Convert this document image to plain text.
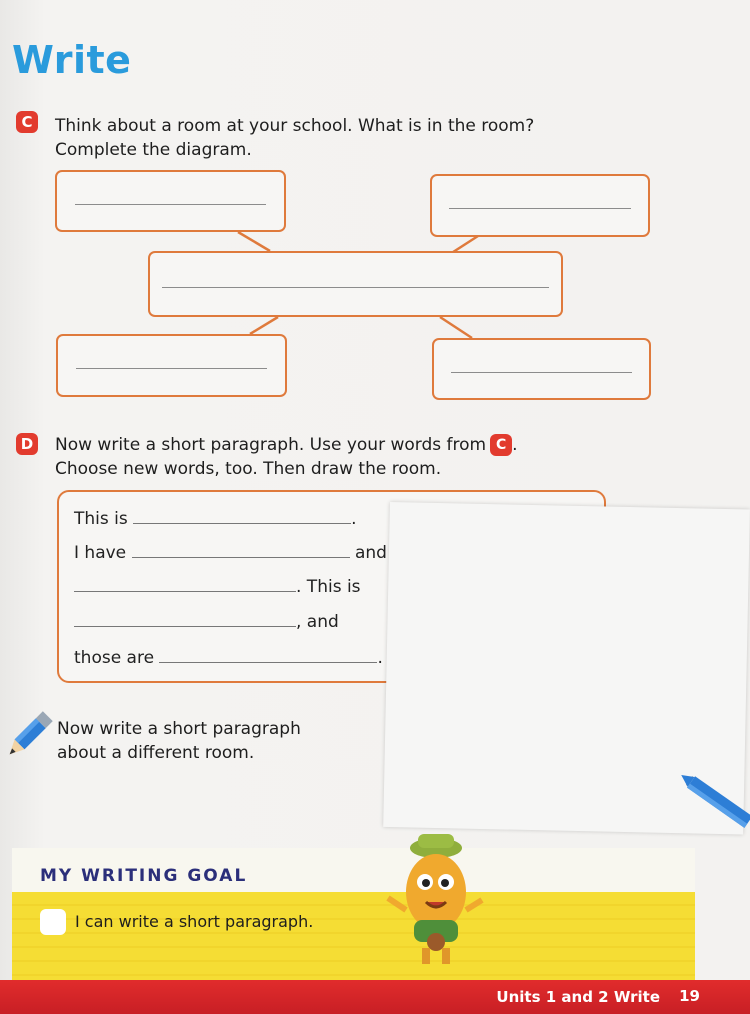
Write
C	Think about a room at your school. What is in the room?
Complete the diagram.

D Now write a short paragraph. Use your words from C .
Choose new words, too. Then draw the room.

This is	.
I have	and
. This is
, and
those are	.

Now write a short paragraph
about a different room.

MY WRITING GOAL
I can write a short paragraph.
Units 1 and 2 Write 19
